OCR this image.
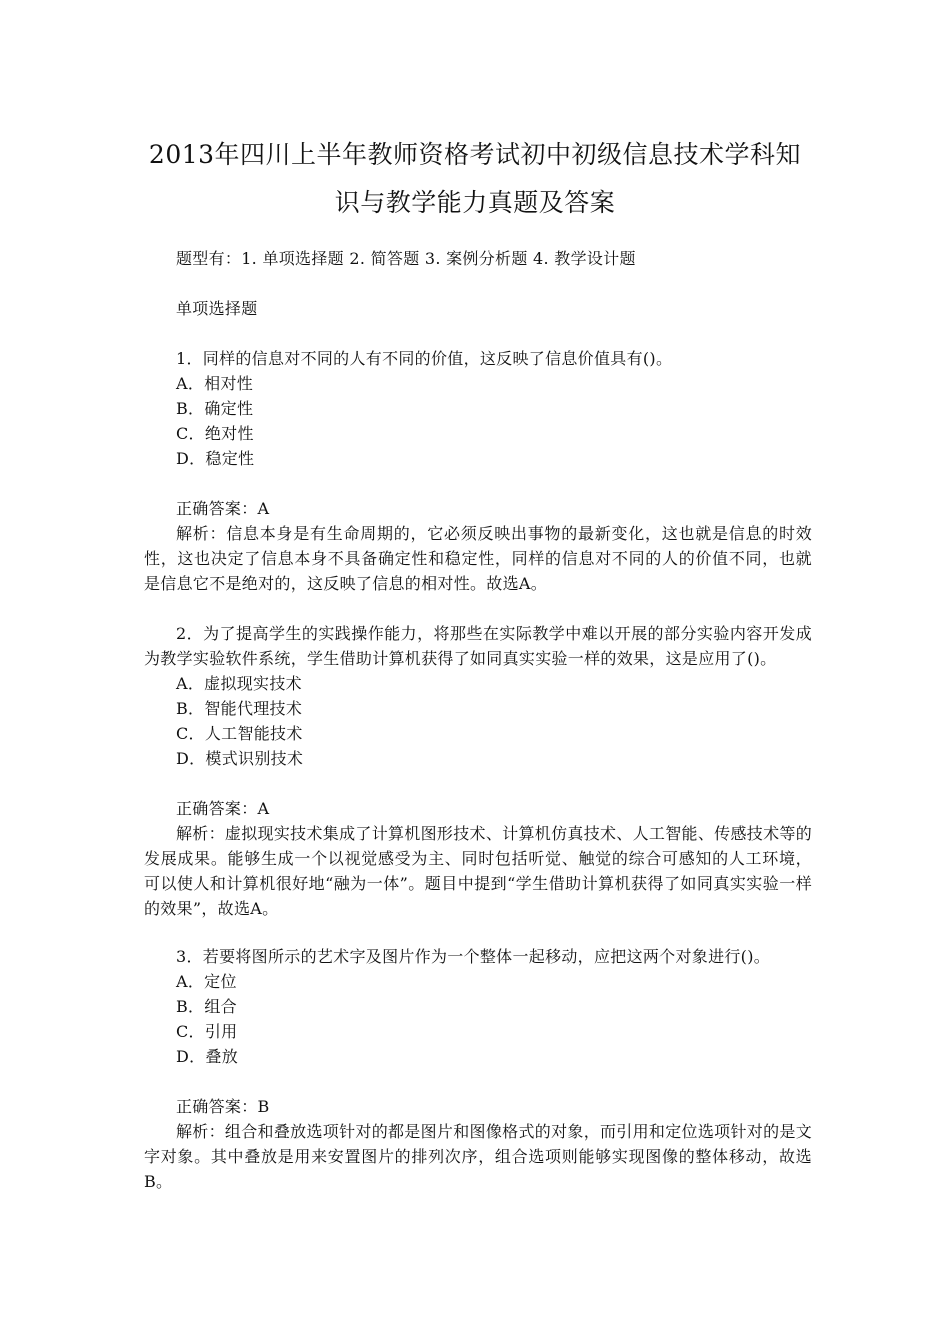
2013年四川上半年教师资格考试初中初级信息技术学科知
识与教学能力真题及答案
题型有：1. 单项选择题 2. 简答题 3. 案例分析题 4. 教学设计题
单项选择题
1．同样的信息对不同的人有不同的价值，这反映了信息价值具有()。
A．相对性
B．确定性
C．绝对性
D．稳定性
正确答案：A
解析：信息本身是有生命周期的，它必须反映出事物的最新变化，这也就是信息的时效性，这也决定了信息本身不具备确定性和稳定性，同样的信息对不同的人的价值不同，也就是信息它不是绝对的，这反映了信息的相对性。故选A。
2．为了提高学生的实践操作能力，将那些在实际教学中难以开展的部分实验内容开发成为教学实验软件系统，学生借助计算机获得了如同真实实验一样的效果，这是应用了()。
A．虚拟现实技术
B．智能代理技术
C．人工智能技术
D．模式识别技术
正确答案：A
解析：虚拟现实技术集成了计算机图形技术、计算机仿真技术、人工智能、传感技术等的发展成果。能够生成一个以视觉感受为主、同时包括听觉、触觉的综合可感知的人工环境，可以使人和计算机很好地“融为一体”。题目中提到“学生借助计算机获得了如同真实实验一样的效果”，故选A。
3．若要将图所示的艺术字及图片作为一个整体一起移动，应把这两个对象进行()。
A．定位
B．组合
C．引用
D．叠放
正确答案：B
解析：组合和叠放选项针对的都是图片和图像格式的对象，而引用和定位选项针对的是文字对象。其中叠放是用来安置图片的排列次序，组合选项则能够实现图像的整体移动，故选B。
